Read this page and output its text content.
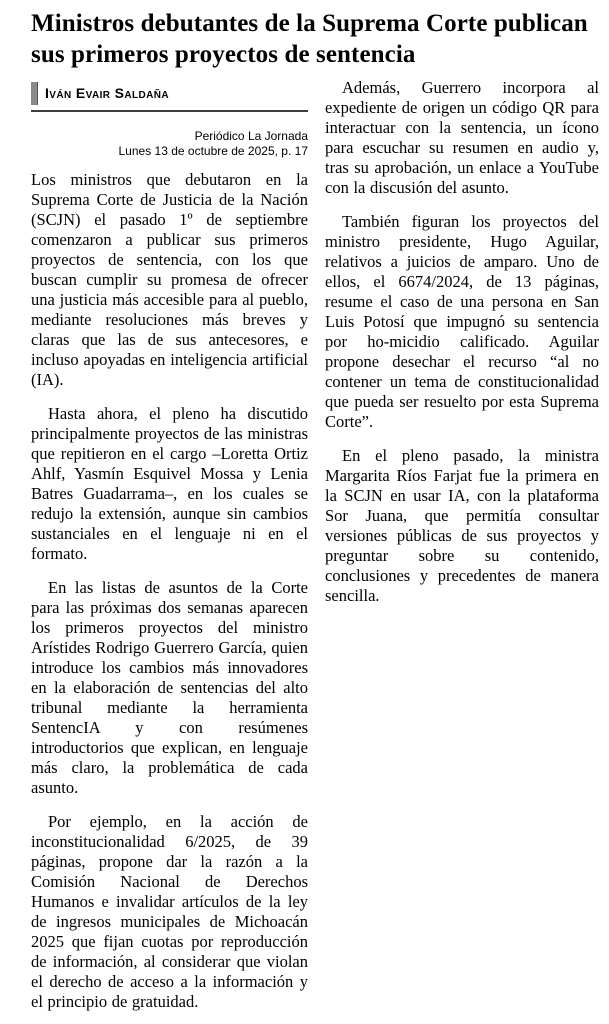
Ministros debutantes de la Suprema Corte publican sus primeros proyectos de sentencia
Iván Evair Saldaña
Periódico La Jornada
Lunes 13 de octubre de 2025, p. 17

Los ministros que debutaron en la Suprema Corte de Justicia de la Nación (SCJN) el pasado 1º de septiembre comenzaron a publicar sus primeros proyectos de sentencia, con los que buscan cumplir su promesa de ofrecer una justicia más accesible para al pueblo, mediante resoluciones más breves y claras que las de sus antecesores, e incluso apoyadas en inteligencia artificial (IA).

Hasta ahora, el pleno ha discutido principalmente proyectos de las ministras que repitieron en el cargo –Loretta Ortiz Ahlf, Yasmín Esquivel Mossa y Lenia Batres Guadarrama–, en los cuales se redujo la extensión, aunque sin cambios sustanciales en el lenguaje ni en el formato.

En las listas de asuntos de la Corte para las próximas dos semanas aparecen los primeros proyectos del ministro Arístides Rodrigo Guerrero García, quien introduce los cambios más innovadores en la elaboración de sentencias del alto tribunal mediante la herramienta SentencIA y con resúmenes introductorios que explican, en lenguaje más claro, la problemática de cada asunto.

Por ejemplo, en la acción de inconstitucionalidad 6/2025, de 39 páginas, propone dar la razón a la Comisión Nacional de Derechos Humanos e invalidar artículos de la ley de ingresos municipales de Michoacán 2025 que fijan cuotas por reproducción de información, al considerar que violan el derecho de acceso a la información y el principio de gratuidad.

Además, Guerrero incorpora al expediente de origen un código QR para interactuar con la sentencia, un ícono para escuchar su resumen en audio y, tras su aprobación, un enlace a YouTube con la discusión del asunto.

También figuran los proyectos del ministro presidente, Hugo Aguilar, relativos a juicios de amparo. Uno de ellos, el 6674/2024, de 13 páginas, resume el caso de una persona en San Luis Potosí que impugnó su sentencia por ho-micidio calificado. Aguilar propone desechar el recurso “al no contener un tema de constitucionalidad que pueda ser resuelto por esta Suprema Corte”.

En el pleno pasado, la ministra Margarita Ríos Farjat fue la primera en la SCJN en usar IA, con la plataforma Sor Juana, que permitía consultar versiones públicas de sus proyectos y preguntar sobre su contenido, conclusiones y precedentes de manera sencilla.
